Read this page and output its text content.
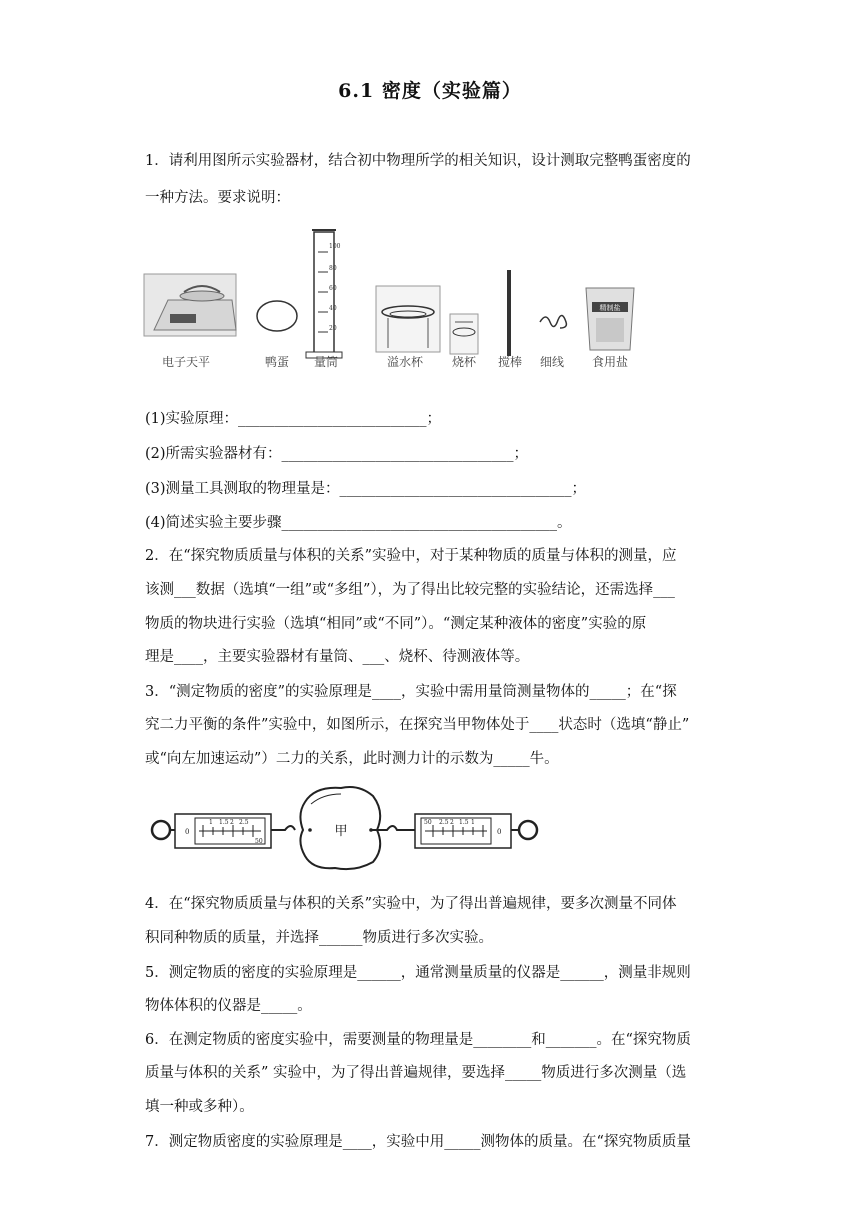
6.1 密度（实验篇）
1．请利用图所示实验器材，结合初中物理所学的相关知识，设计测取完整鸭蛋密度的
一种方法。要求说明：
100
80
60
40
20
精制盐
电子天平	鸭蛋 量筒	溢水杯 烧杯 搅棒 细线 食用盐
(1)实验原理：__________________________；
(2)所需实验器材有：________________________________；
(3)测量工具测取的物理量是：________________________________；
(4)简述实验主要步骤______________________________________。
2．在“探究物质质量与体积的关系”实验中，对于某种物质的质量与体积的测量，应
该测___数据（选填“一组”或“多组”），为了得出比较完整的实验结论，还需选择___
物质的物块进行实验（选填“相同”或“不同”）。“测定某种液体的密度”实验的原
理是____，主要实验器材有量筒、___、烧杯、待测液体等。
3．“测定物质的密度”的实验原理是____，实验中需用量筒测量物体的_____；在“探
究二力平衡的条件”实验中，如图所示，在探究当甲物体处于____状态时（选填“静止”
或“向左加速运动”）二力的关系，此时测力计的示数为_____牛。
0
1 1.5 2 2.5
50
甲
50 2.5 2 1.5 1
0
4．在“探究物质质量与体积的关系”实验中，为了得出普遍规律，要多次测量不同体
积同种物质的质量，并选择______物质进行多次实验。
5．测定物质的密度的实验原理是______，通常测量质量的仪器是______，测量非规则
物体体积的仪器是_____。
6．在测定物质的密度实验中，需要测量的物理量是________和_______。在“探究物质
质量与体积的关系” 实验中，为了得出普遍规律，要选择_____物质进行多次测量（选
填一种或多种）。
7．测定物质密度的实验原理是____，实验中用_____测物体的质量。在“探究物质质量
